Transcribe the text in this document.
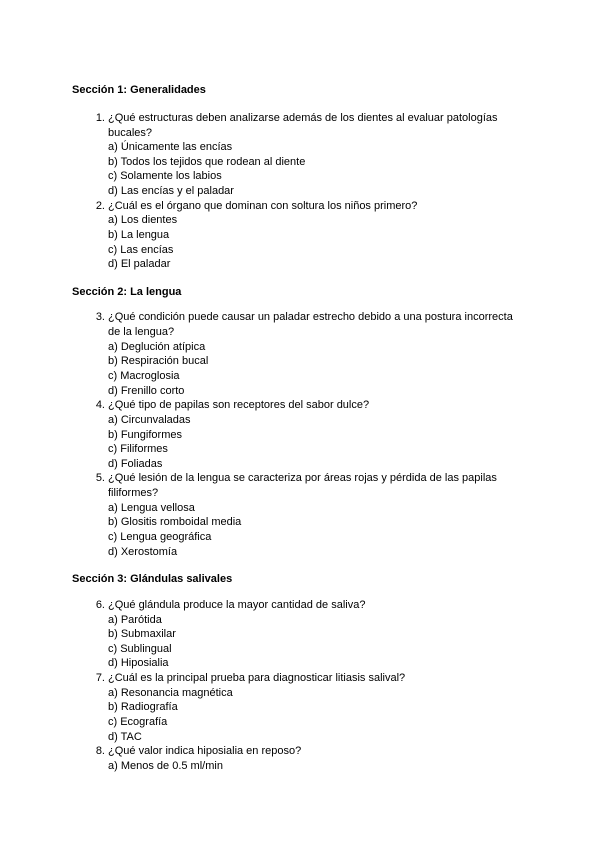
Sección 1: Generalidades
1. ¿Qué estructuras deben analizarse además de los dientes al evaluar patologías bucales?
a) Únicamente las encías
b) Todos los tejidos que rodean al diente
c) Solamente los labios
d) Las encías y el paladar
2. ¿Cuál es el órgano que dominan con soltura los niños primero?
a) Los dientes
b) La lengua
c) Las encías
d) El paladar
Sección 2: La lengua
3. ¿Qué condición puede causar un paladar estrecho debido a una postura incorrecta de la lengua?
a) Deglución atípica
b) Respiración bucal
c) Macroglosia
d) Frenillo corto
4. ¿Qué tipo de papilas son receptores del sabor dulce?
a) Circunvaladas
b) Fungiformes
c) Filiformes
d) Foliadas
5. ¿Qué lesión de la lengua se caracteriza por áreas rojas y pérdida de las papilas filiformes?
a) Lengua vellosa
b) Glositis romboidal media
c) Lengua geográfica
d) Xerostomía
Sección 3: Glándulas salivales
6. ¿Qué glándula produce la mayor cantidad de saliva?
a) Parótida
b) Submaxilar
c) Sublingual
d) Hiposialia
7. ¿Cuál es la principal prueba para diagnosticar litiasis salival?
a) Resonancia magnética
b) Radiografía
c) Ecografía
d) TAC
8. ¿Qué valor indica hiposialia en reposo?
a) Menos de 0.5 ml/min
